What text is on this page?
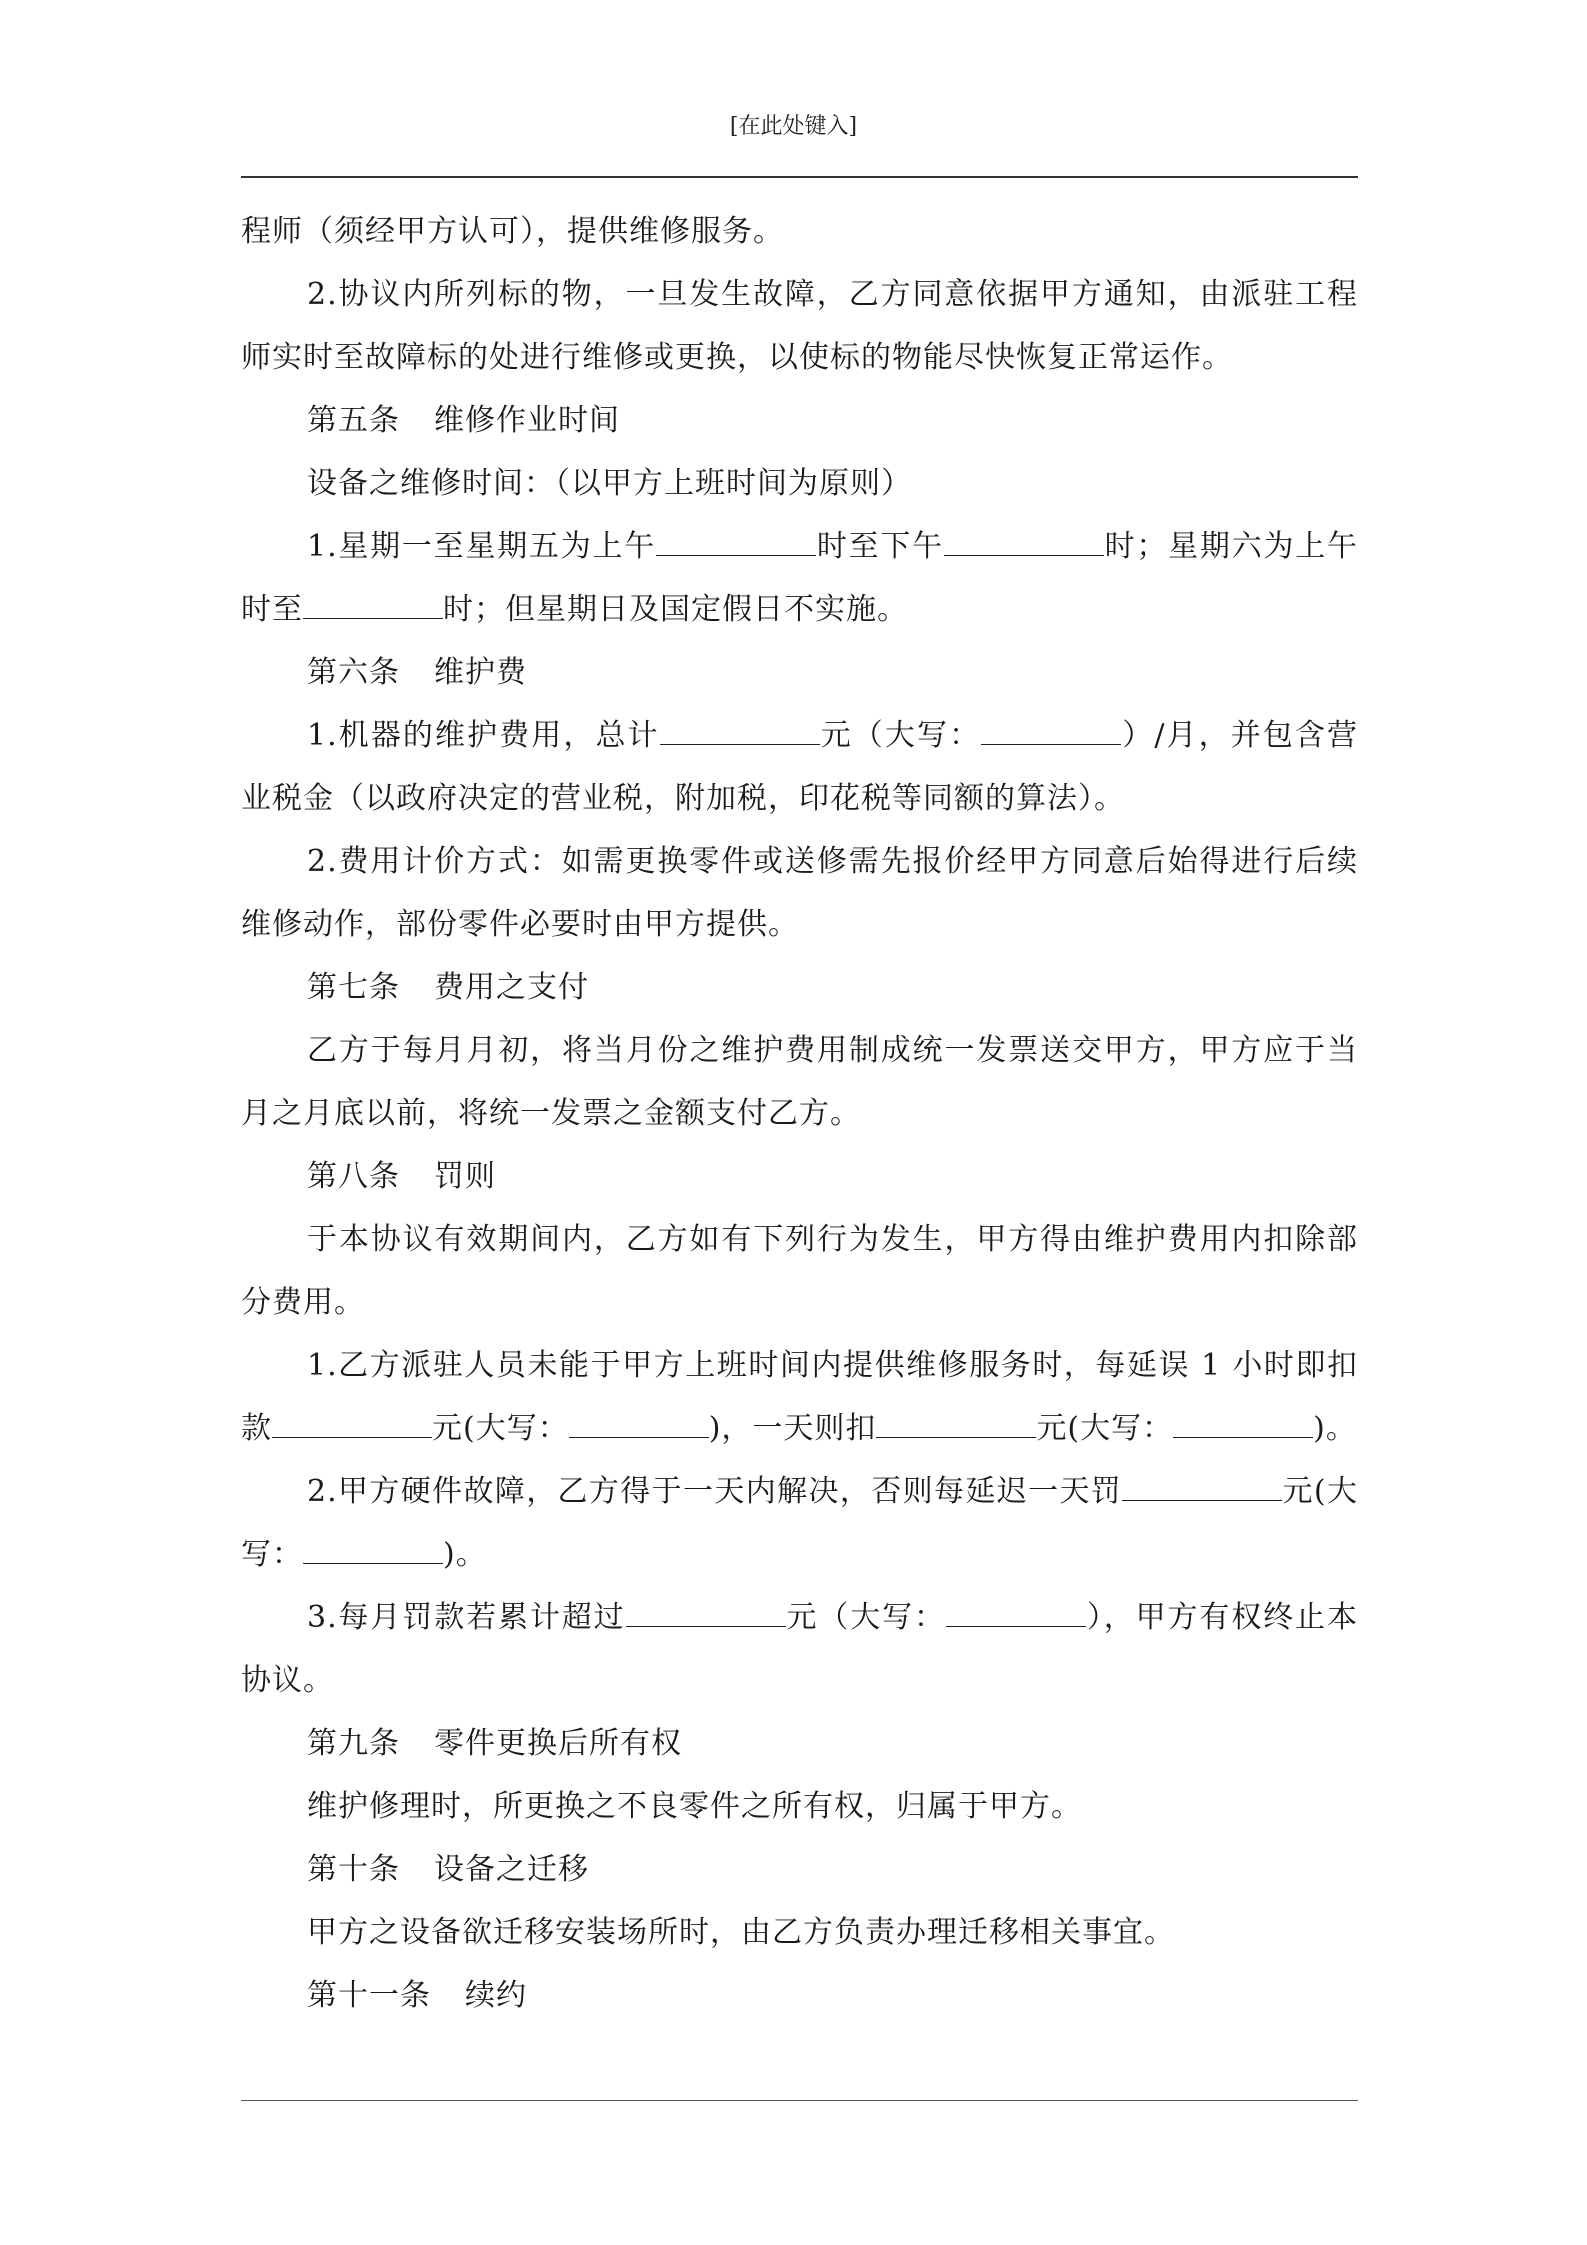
[在此处键入]

程师（须经甲方认可），提供维修服务。

2.协议内所列标的物，一旦发生故障，乙方同意依据甲方通知，由派驻工程师实时至故障标的处进行维修或更换，以使标的物能尽快恢复正常运作。

第五条 维修作业时间

设备之维修时间：（以甲方上班时间为原则）

1.星期一至星期五为上午	时至下午	时；星期六为上午时至	时；但星期日及国定假日不实施。

第六条 维护费

1.机器的维护费用，总计	元（大写：	）/月，并包含营业税金（以政府决定的营业税，附加税，印花税等同额的算法）。

2.费用计价方式：如需更换零件或送修需先报价经甲方同意后始得进行后续维修动作，部份零件必要时由甲方提供。

第七条 费用之支付

乙方于每月月初，将当月份之维护费用制成统一发票送交甲方，甲方应于当月之月底以前，将统一发票之金额支付乙方。

第八条 罚则

于本协议有效期间内，乙方如有下列行为发生，甲方得由维护费用内扣除部分费用。

1.乙方派驻人员未能于甲方上班时间内提供维修服务时，每延误 1 小时即扣款	元(大写：	)，一天则扣	元(大写：	)。

2.甲方硬件故障，乙方得于一天内解决，否则每延迟一天罚	元(大写：	)。

3.每月罚款若累计超过	元（大写：	），甲方有权终止本协议。

第九条 零件更换后所有权

维护修理时，所更换之不良零件之所有权，归属于甲方。

第十条 设备之迁移

甲方之设备欲迁移安装场所时，由乙方负责办理迁移相关事宜。

第十一条 续约
